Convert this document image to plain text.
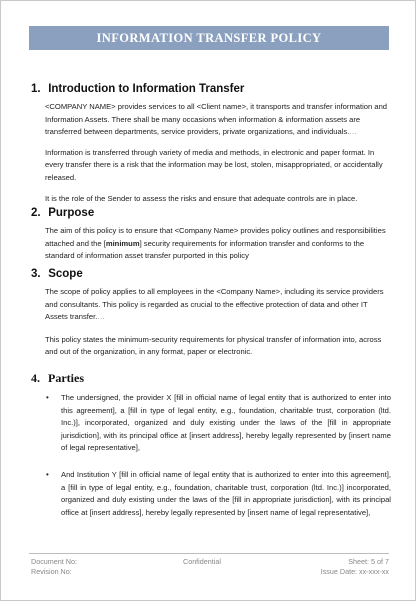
INFORMATION TRANSFER POLICY
1. Introduction to Information Transfer

<COMPANY NAME> provides services to all <Client name>, it transports and transfer information and Information Assets. There shall be many occasions when information & information assets are transferred between departments, service providers, private organizations, and individuals....

Information is transferred through variety of media and methods, in electronic and paper format. In every transfer there is a risk that the information may be lost, stolen, misappropriated, or accidentally released.

It is the role of the Sender to assess the risks and ensure that adequate controls are in place.

2. Purpose

The aim of this policy is to ensure that <Company Name> provides policy outlines and responsibilities attached and the [minimum] security requirements for information transfer and conforms to the standard of information asset transfer purported in this policy

3. Scope

The scope of policy applies to all employees in the <Company Name>, including its service providers and consultants. This policy is regarded as crucial to the effective protection of data and other IT Assets transfer....

This policy states the minimum-security requirements for physical transfer of information into, across and out of the organization, in any format, paper or electronic.

4. Parties
• The undersigned, the provider X [fill in official name of legal entity that is authorized to enter into this agreement], a [fill in type of legal entity, e.g., foundation, charitable trust, corporation (ltd. Inc.)], incorporated, organized and duly existing under the laws of the [fill in appropriate jurisdiction], with its principal office at [insert address], hereby legally represented by [insert name of legal representative],
• And Institution Y [fill in official name of legal entity that is authorized to enter into this agreement], a [fill in type of legal entity, e.g., foundation, charitable trust, corporation (ltd. Inc.)] incorporated, organized and duly existing under the laws of the [fill in appropriate jurisdiction], with its principal office at [insert address], hereby legally represented by [insert name of legal representative],
Document No:	Confidential	Sheet: 5 of 7
Revision No:	Issue Date: xx-xxx-xx
